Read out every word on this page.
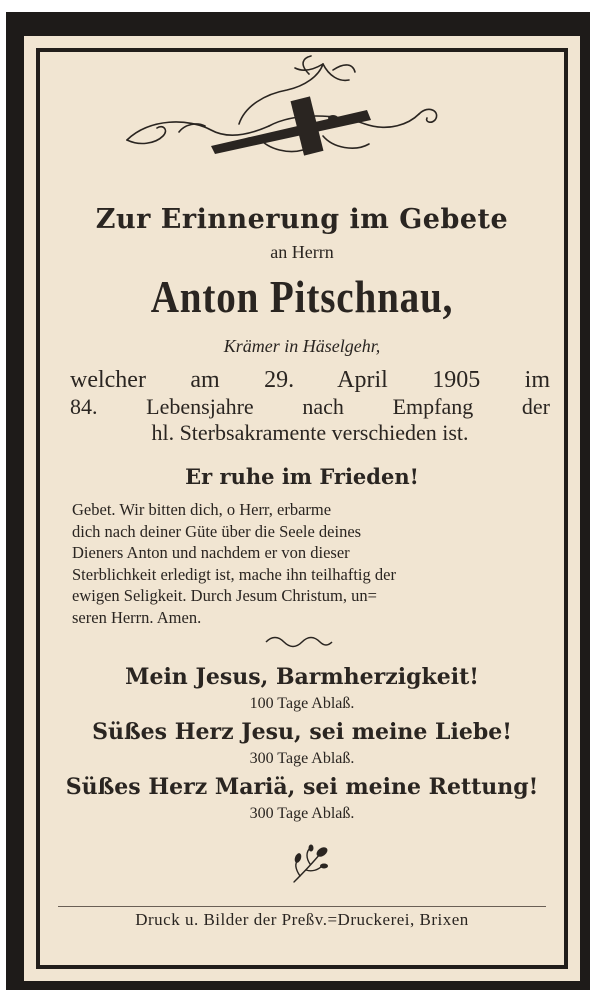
Zur Erinnerung im Gebete
an Herrn
Anton Pitschnau,
Krämer in Häselgehr,
welcher am 29. April 1905 im
84. Lebensjahre nach Empfang der
hl. Sterbsakramente verschieden ist.
Er ruhe im Frieden!
Gebet. Wir bitten dich, o Herr, erbarme
dich nach deiner Güte über die Seele deines
Dieners Anton und nachdem er von dieser
Sterblichkeit erledigt ist, mache ihn teilhaftig der
ewigen Seligkeit. Durch Jesum Christum, un=
seren Herrn. Amen.
Mein Jesus, Barmherzigkeit!
100 Tage Ablaß.
Süßes Herz Jesu, sei meine Liebe!
300 Tage Ablaß.
Süßes Herz Mariä, sei meine Rettung!
300 Tage Ablaß.
Druck u. Bilder der Preßv.=Druckerei, Brixen
